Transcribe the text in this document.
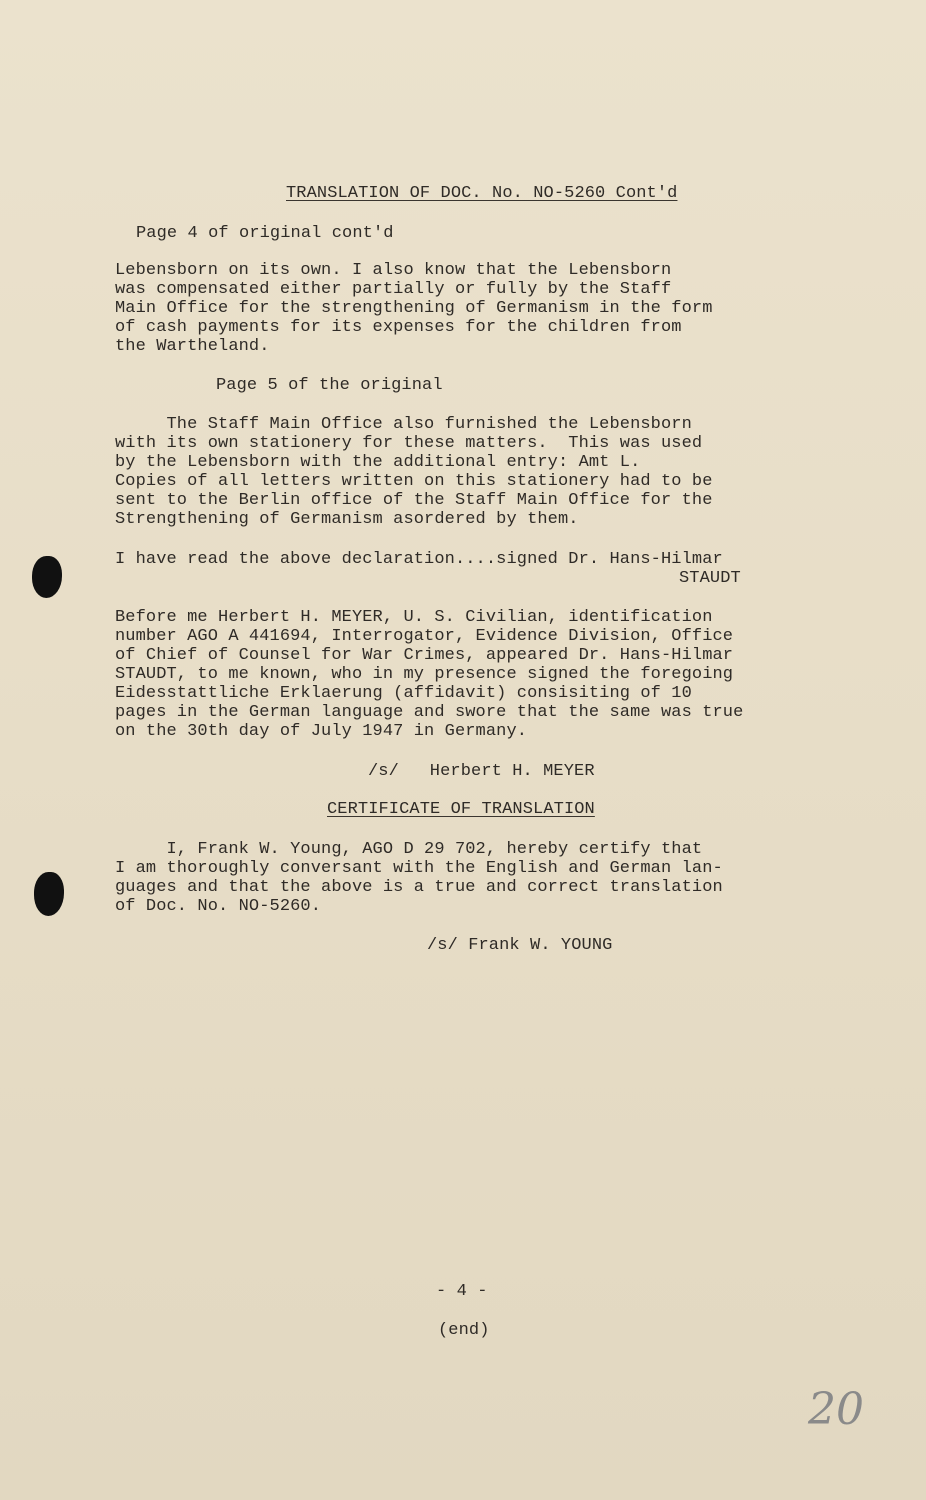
TRANSLATION OF DOC. No. NO-5260 Cont'd
Page 4 of original cont'd
Lebensborn on its own. I also know that the Lebensborn
was compensated either partially or fully by the Staff
Main Office for the strengthening of Germanism in the form
of cash payments for its expenses for the children from
the Wartheland.
Page 5 of the original
The Staff Main Office also furnished the Lebensborn
with its own stationery for these matters.  This was used
by the Lebensborn with the additional entry: Amt L.
Copies of all letters written on this stationery had to be
sent to the Berlin office of the Staff Main Office for the
Strengthening of Germanism asordered by them.
I have read the above declaration....signed Dr. Hans-Hilmar
STAUDT
Before me Herbert H. MEYER, U. S. Civilian, identification
number AGO A 441694, Interrogator, Evidence Division, Office
of Chief of Counsel for War Crimes, appeared Dr. Hans-Hilmar
STAUDT, to me known, who in my presence signed the foregoing
Eidesstattliche Erklaerung (affidavit) consisiting of 10
pages in the German language and swore that the same was true
on the 30th day of July 1947 in Germany.
/s/   Herbert H. MEYER
CERTIFICATE OF TRANSLATION
I, Frank W. Young, AGO D 29 702, hereby certify that
I am thoroughly conversant with the English and German lan-
guages and that the above is a true and correct translation
of Doc. No. NO-5260.
/s/ Frank W. YOUNG
- 4 -
(end)
20
